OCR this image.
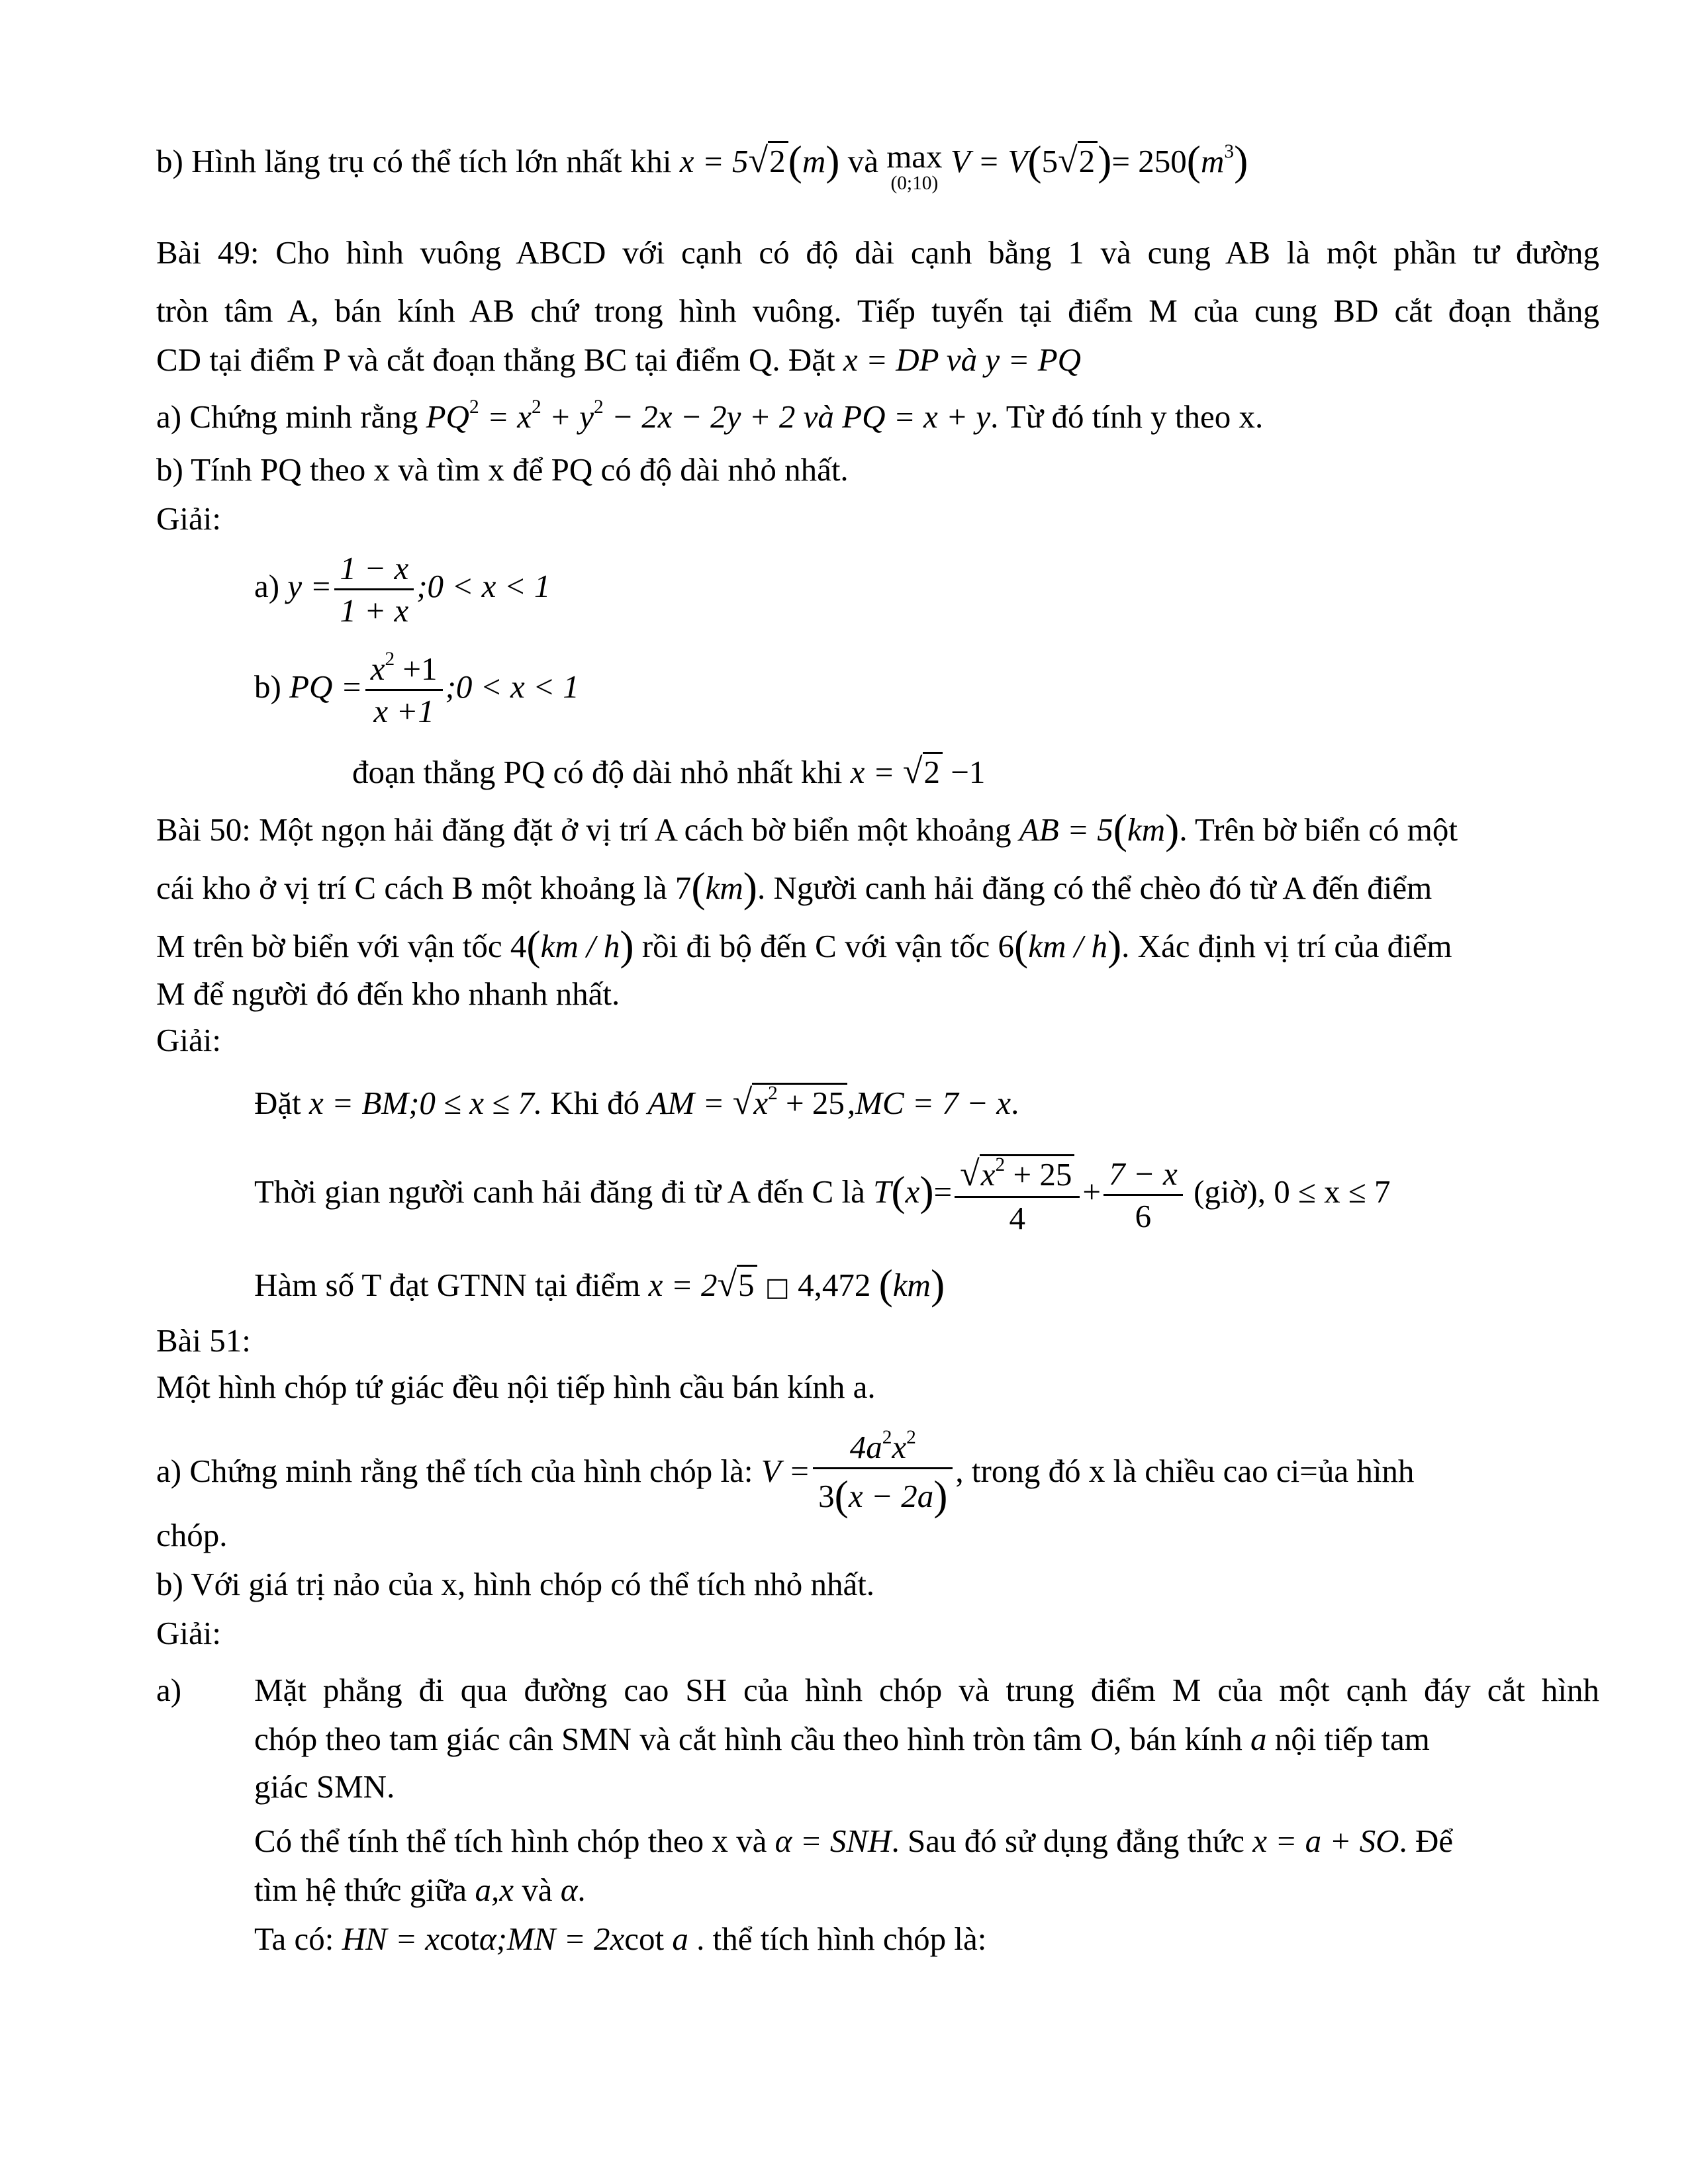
b) Hình lăng trụ có thể tích lớn nhất khi x = 5√2(m) và max
(0;10)
$V = V(5√2)= 250(m^3)$
Bài 49: Cho hình vuông ABCD với cạnh có độ dài cạnh bằng 1 và cung AB là một phần tư đường
tròn tâm A, bán kính AB chứ trong hình vuông. Tiếp tuyến tại điểm M của cung BD cắt đoạn thẳng
CD tại điểm P và cắt đoạn thẳng BC tại điểm Q. Đặt x = DP và y = PQ
a) Chứng minh rằng $PQ^2 = x^2 + y^2 - 2x - 2y + 2$ và PQ = x + y. Từ đó tính y theo x.
b) Tính PQ theo x và tìm x để PQ có độ dài nhỏ nhất.
Giải:
a) $y = \frac{1 - x}{1 + x}$ ;0 < x < 1
b) PQ = $\frac{x^2 +1}{x +1}$ ;0 < x < 1
đoạn thẳng PQ có độ dài nhỏ nhất khi x = √2 −1
Bài 50: Một ngọn hải đăng đặt ở vị trí A cách bờ biển một khoảng AB = 5(km). Trên bờ biển có một
cái kho ở vị trí C cách B một khoảng là 7(km). Người canh hải đăng có thể chèo đó từ A đến điểm
M trên bờ biển với vận tốc 4(km / h) rồi đi bộ đến C với vận tốc 6(km / h). Xác định vị trí của điểm
M để người đó đến kho nhanh nhất.
Giải:
Đặt x = BM;0 ≤ x ≤ 7. Khi đó AM = $√x^2 + 25,MC = 7 - x$.
Thời gian người canh hải đăng đi từ A đến C là $T(x)= \frac{√x^2 + 25}{4} + \frac{7 - x}{6}$ (giờ), 0 ≤ x ≤ 7
Hàm số T đạt GTNN tại điểm x = 2√5 □ 4,472 (km)
Bài 51:
Một hình chóp tứ giác đều nội tiếp hình cầu bán kính a.
a) Chứng minh rằng thể tích của hình chóp là: $V = \frac{4a^2x^2}{3(x - 2a)}$ , trong đó x là chiều cao ci=ủa hình
chóp.
b) Với giá trị nảo của x, hình chóp có thể tích nhỏ nhất.
Giải:
a) Mặt phẳng đi qua đường cao SH của hình chóp và trung điểm M của một cạnh đáy cắt hình
chóp theo tam giác cân SMN và cắt hình cầu theo hình tròn tâm O, bán kính a nội tiếp tam
giác SMN.
Có thể tính thể tích hình chóp theo x và α = SNH. Sau đó sử dụng đẳng thức x = a + SO. Để
tìm hệ thức giữa a,x và α.
Ta có: HN = xcotα;MN = 2xcot a . thể tích hình chóp là:
